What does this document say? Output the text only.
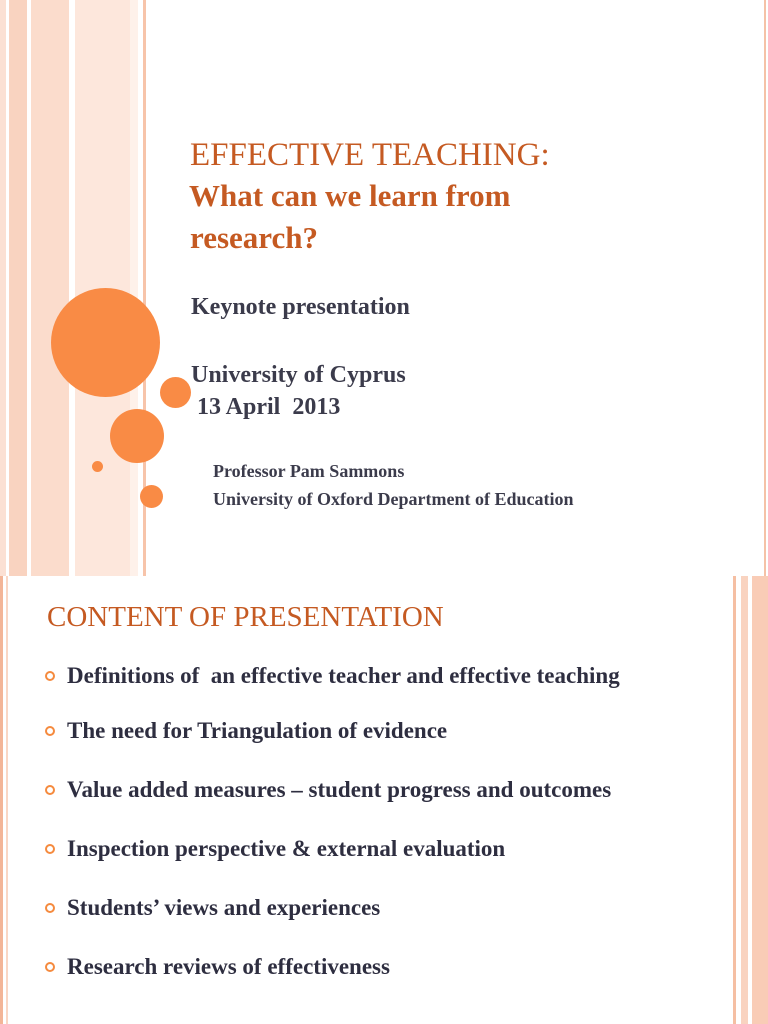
EFFECTIVE TEACHING:
What can we learn from
research?
Keynote presentation
University of Cyprus
13 April  2013
Professor Pam Sammons
University of Oxford Department of Education
CONTENT OF PRESENTATION
Definitions of  an effective teacher and effective teaching
The need for Triangulation of evidence
Value added measures – student progress and outcomes
Inspection perspective & external evaluation
Students’ views and experiences
Research reviews of effectiveness
